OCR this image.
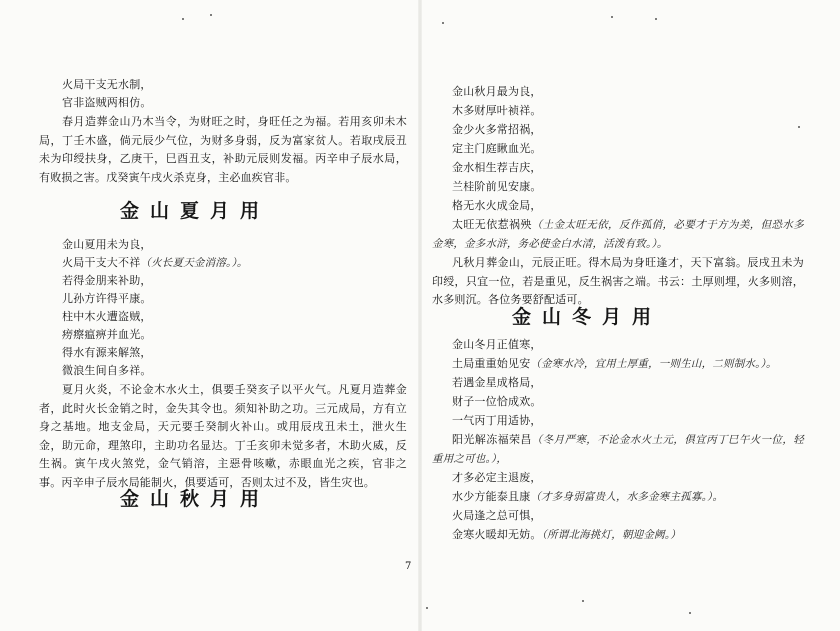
火局干支无水制，

官非盗贼两相仿。

春月造葬金山乃木当令，为财旺之时，身旺任之为福。若用亥卯未木局，丁壬木盛，倘元辰少气位，为财多身弱，反为富家贫人。若取戌辰丑未为印绶扶身，乙庚干，巳酉丑支，补助元辰则发福。丙辛申子辰水局，有败损之害。戊癸寅午戌火杀克身，主必血疾官非。

金山夏月用

金山夏用未为良，

火局干支大不祥（火长夏天金消溶。）。

若得金朋来补助，

儿孙方许得平康。

柱中木火遭盗贼，

痨瘵瘟痹并血光。

得水有源来解煞，

微浪生间自多祥。

夏月火炎，不论金木水火土，俱要壬癸亥子以平火气。凡夏月造葬金者，此时火长金销之时，金失其令也。须知补助之功。三元成局，方有立身之基地。地支金局，天元要壬癸制火补山。或用辰戌丑未土，泄火生金，助元命，理煞印，主助功名显达。丁壬亥卯未觉多者，木助火威，反生祸。寅午戌火煞党，金气销溶，主惡骨咳嗽，赤眼血光之疾，官非之事。丙辛申子辰水局能制火，俱要适可，否则太过不及，皆生灾也。

金山秋月用

金山秋月最为良，

木多财厚叶祯祥。

金少火多常招祸，

定主门庭瞅血光。

金水相生荐吉庆，

兰桂阶前见安康。

格无水火成金局，

太旺无依惹祸殃（土金太旺无依，反作孤俏，必要才于方为美，但恐水多金寒，金多水浒，务必使金白水清，活泼有致。）。

凡秋月葬金山，元辰正旺。得木局为身旺逢才，天下富翁。辰戌丑未为印绶，只宜一位，若是重见，反生祸害之端。书云：土厚则埋，火多则溶，水多则沉。各位务要舒配适可。

金山冬月用

金山冬月正值寒，

土局重重始见安（金寒水冷，宜用土厚重，一则生山，二则制水。）。

若遇金星成格局，

财子一位恰成欢。

一气丙丁用适协，

阳光解冻福荣昌（冬月严寒，不论金水火土元，俱宜丙丁巳午火一位，轻重用之可也。），

才多必定主退废，

水少方能泰且康（才多身弱富贵人，水多金寒主孤寡。）。

火局逢之总可惧，

金寒火暖却无妨。（所谓北海挑灯，朝迎金阙。）

7
